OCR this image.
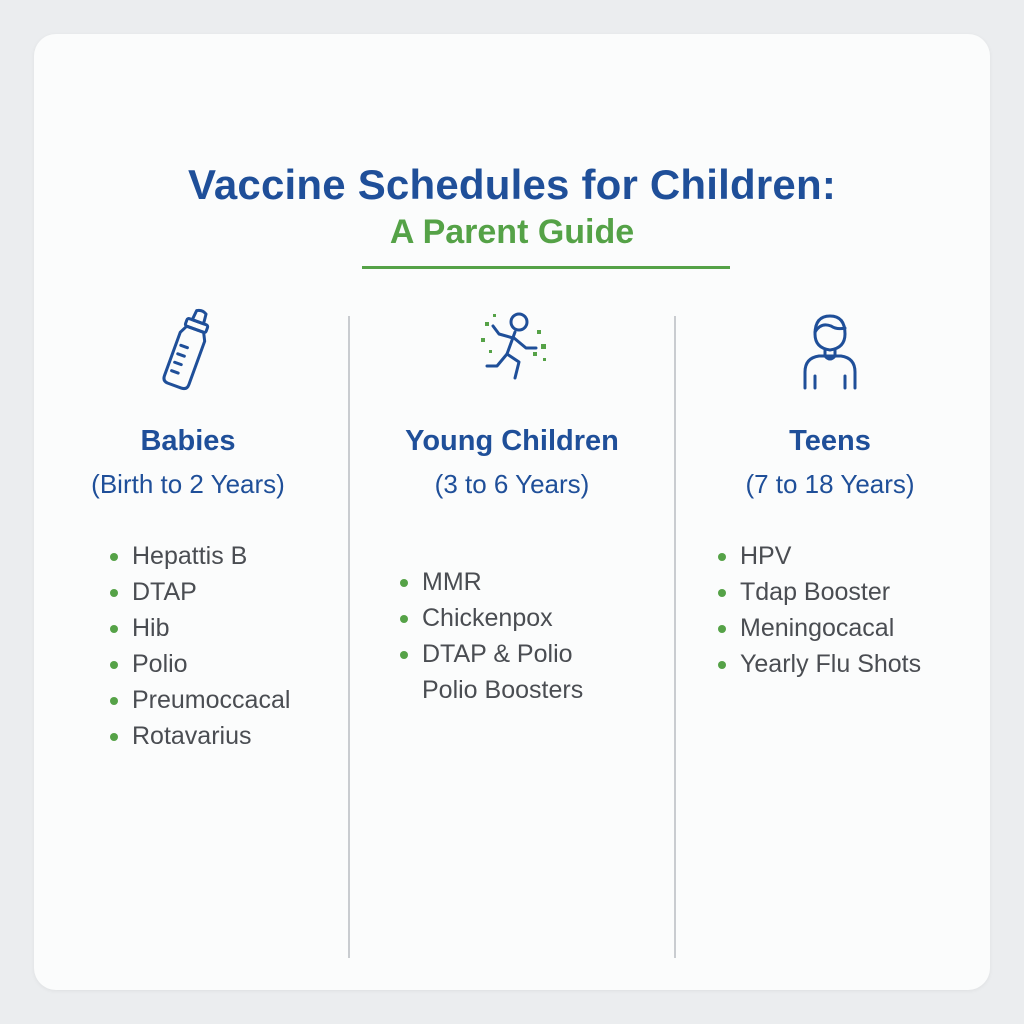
Vaccine Schedules for Children:
A Parent Guide
Babies
(Birth to 2 Years)
Hepattis B
DTAP
Hib
Polio
Preumoccacal
Rotavarius
Young Children
(3 to 6 Years)
MMR
Chickenpox
DTAP & Polio
Polio Boosters
Teens
(7 to 18 Years)
HPV
Tdap Booster
Meningocacal
Yearly Flu Shots
